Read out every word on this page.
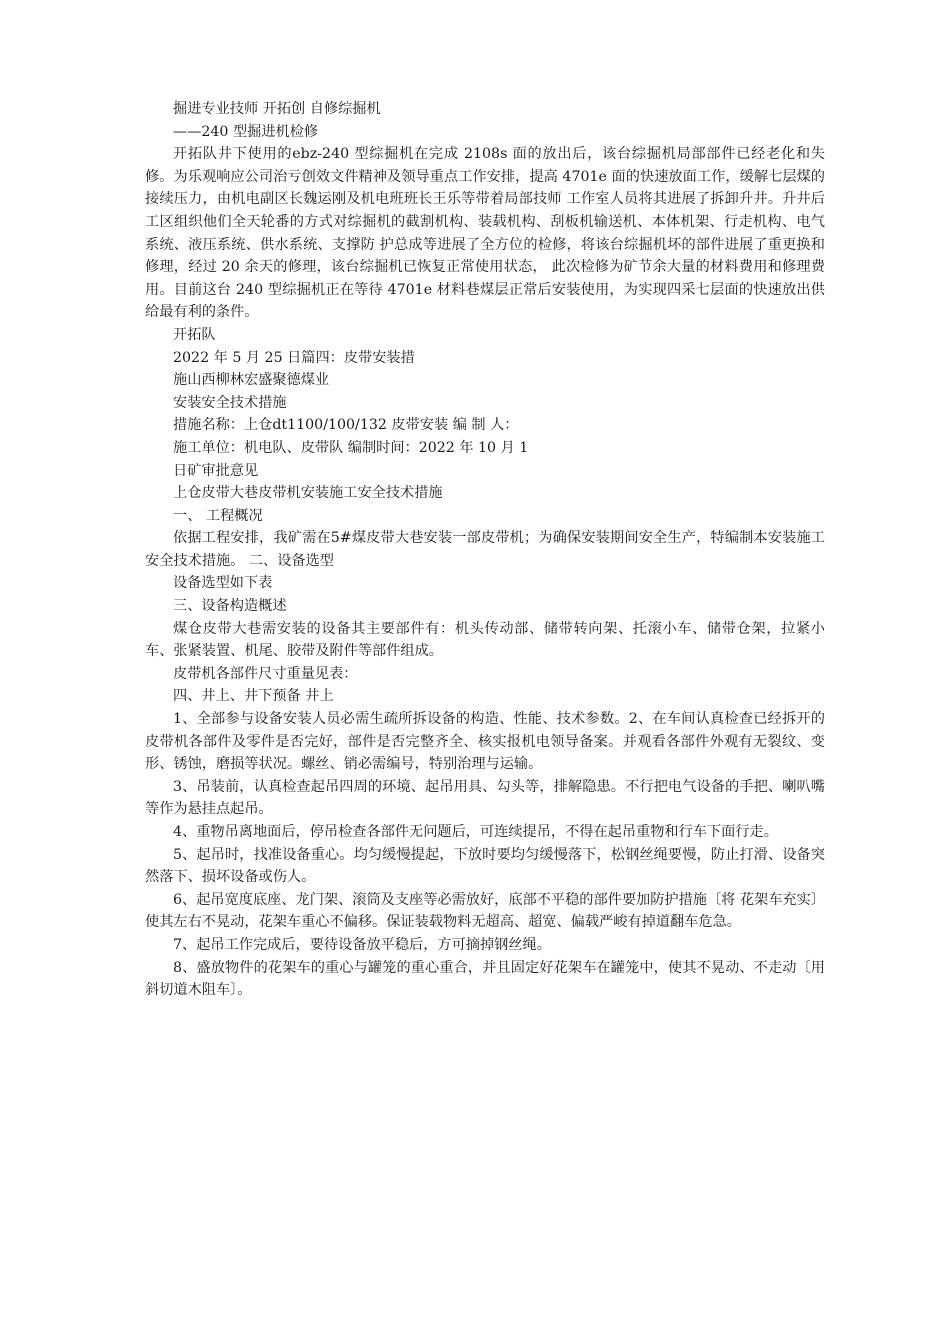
掘进专业技师 开拓创 自修综掘机

——240 型掘进机检修

开拓队井下使用的ebz-240 型综掘机在完成 2108s 面的放出后，该台综掘机局部部件已经老化和失修。为乐观响应公司治亏创效文件精神及领导重点工作安排，提高 4701e 面的快速放面工作，缓解七层煤的接续压力，由机电副区长魏运刚及机电班班长王乐等带着局部技师 工作室人员将其进展了拆卸升井。升井后工区组织他们全天轮番的方式对综掘机的截割机构、装载机构、刮板机输送机、本体机架、行走机构、电气系统、液压系统、供水系统、支撑防 护总成等进展了全方位的检修，将该台综掘机坏的部件进展了重更换和修理，经过 20 余天的修理，该台综掘机已恢复正常使用状态， 此次检修为矿节余大量的材料费用和修理费用。目前这台 240 型综掘机正在等待 4701e 材料巷煤层正常后安装使用，为实现四采七层面的快速放出供给最有利的条件。

开拓队

2022 年 5 月 25 日篇四：皮带安装措

施山西柳林宏盛聚德煤业

安装安全技术措施

措施名称：上仓dt1100/100/132 皮带安装 编 制 人：

施工单位：机电队、皮带队 编制时间：2022 年 10 月 1

日矿审批意见

上仓皮带大巷皮带机安装施工安全技术措施

一、 工程概况

依据工程安排，我矿需在5#煤皮带大巷安装一部皮带机；为确保安装期间安全生产，特编制本安装施工安全技术措施。 二、设备选型

设备选型如下表

三、设备构造概述

煤仓皮带大巷需安装的设备其主要部件有：机头传动部、储带转向架、托滚小车、储带仓架，拉紧小车、张紧装置、机尾、胶带及附件等部件组成。

皮带机各部件尺寸重量见表：

四、井上、井下预备 井上

1、全部参与设备安装人员必需生疏所拆设备的构造、性能、技术参数。2、在车间认真检查已经拆开的皮带机各部件及零件是否完好，部件是否完整齐全、核实报机电领导备案。并观看各部件外观有无裂纹、变形、锈蚀，磨损等状况。螺丝、销必需编号，特别治理与运输。

3、吊装前，认真检查起吊四周的环境、起吊用具、勾头等，排解隐患。不行把电气设备的手把、喇叭嘴等作为悬挂点起吊。

4、重物吊离地面后，停吊检查各部件无问题后，可连续提吊，不得在起吊重物和行车下面行走。

5、起吊时，找准设备重心。均匀缓慢提起，下放时要均匀缓慢落下，松钢丝绳要慢，防止打滑、设备突然落下、损坏设备或伤人。

6、起吊宽度底座、龙门架、滚筒及支座等必需放好，底部不平稳的部件要加防护措施〔将 花架车充实〕使其左右不晃动，花架车重心不偏移。保证装载物料无超高、超宽、偏载严峻有掉道翻车危急。

7、起吊工作完成后，要待设备放平稳后，方可摘掉钢丝绳。

8、盛放物件的花架车的重心与罐笼的重心重合，并且固定好花架车在罐笼中，使其不晃动、不走动〔用斜切道木阻车〕。
